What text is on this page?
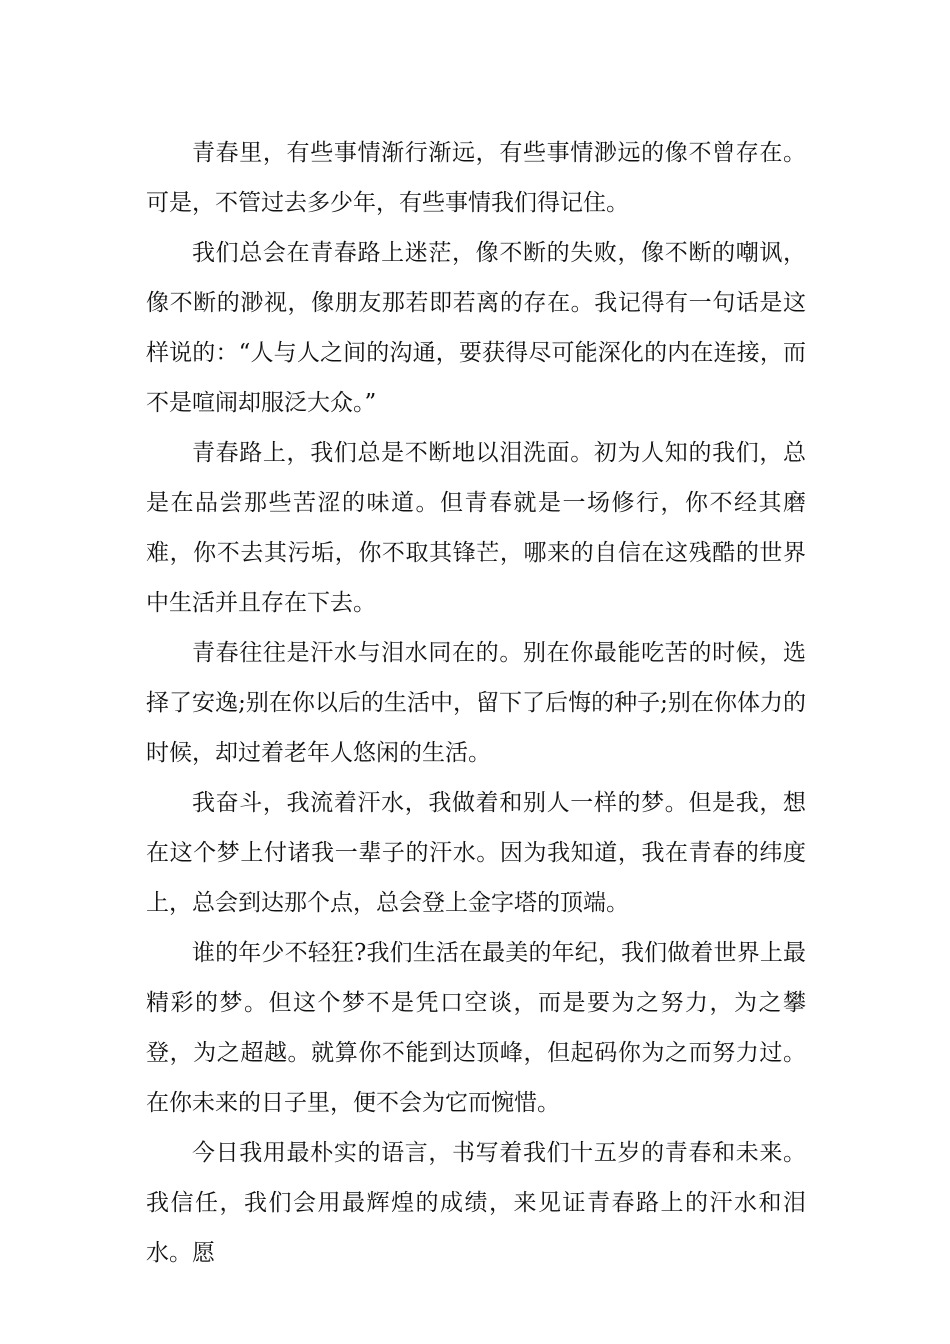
青春里，有些事情渐行渐远，有些事情渺远的像不曾存在。可是，不管过去多少年，有些事情我们得记住。

我们总会在青春路上迷茫，像不断的失败，像不断的嘲讽，像不断的渺视，像朋友那若即若离的存在。我记得有一句话是这样说的：“人与人之间的沟通，要获得尽可能深化的内在连接，而不是喧闹却服泛大众。”

青春路上，我们总是不断地以泪洗面。初为人知的我们，总是在品尝那些苦涩的味道。但青春就是一场修行，你不经其磨难，你不去其污垢，你不取其锋芒，哪来的自信在这残酷的世界中生活并且存在下去。

青春往往是汗水与泪水同在的。别在你最能吃苦的时候，选择了安逸;别在你以后的生活中，留下了后悔的种子;别在你体力的时候，却过着老年人悠闲的生活。

我奋斗，我流着汗水，我做着和别人一样的梦。但是我，想在这个梦上付诸我一辈子的汗水。因为我知道，我在青春的纬度上，总会到达那个点，总会登上金字塔的顶端。

谁的年少不轻狂?我们生活在最美的年纪，我们做着世界上最精彩的梦。但这个梦不是凭口空谈，而是要为之努力，为之攀登，为之超越。就算你不能到达顶峰，但起码你为之而努力过。在你未来的日子里，便不会为它而惋惜。

今日我用最朴实的语言，书写着我们十五岁的青春和未来。我信任，我们会用最辉煌的成绩，来见证青春路上的汗水和泪水。愿
